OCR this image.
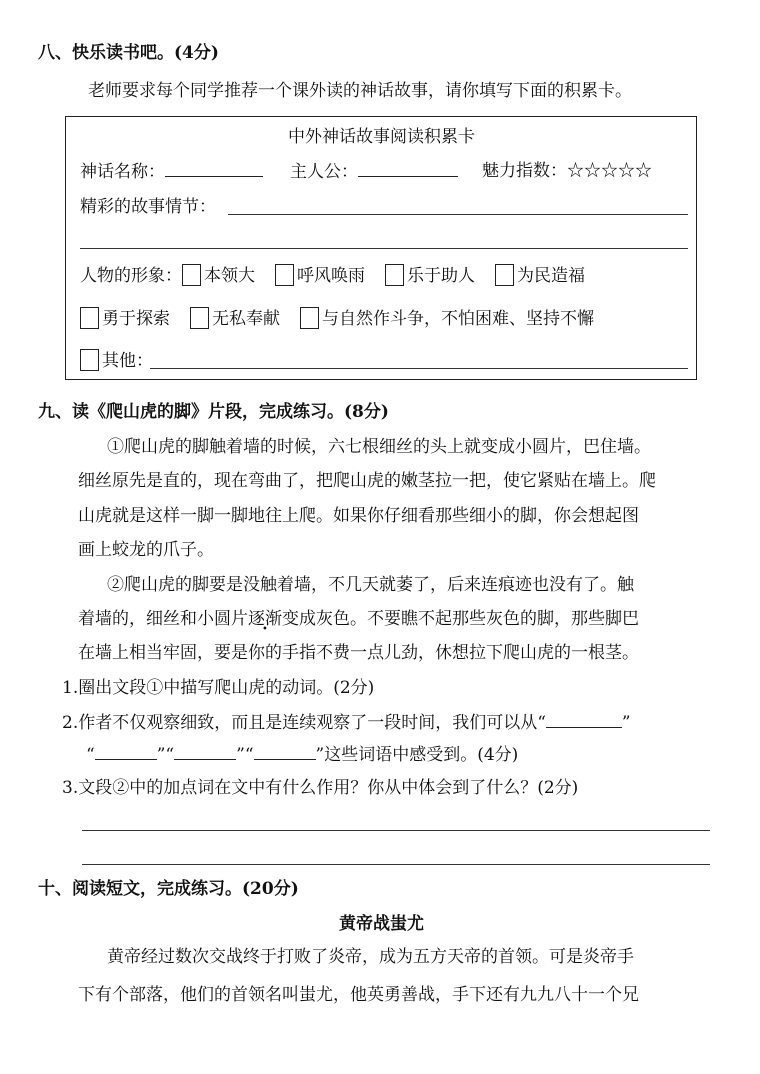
八、快乐读书吧。(4分)
老师要求每个同学推荐一个课外读的神话故事，请你填写下面的积累卡。
中外神话故事阅读积累卡
神话名称：	主人公：	魅力指数：☆☆☆☆☆
精彩的故事情节：
人物的形象： 本领大 呼风唤雨 乐于助人 为民造福
勇于探索 无私奉献 与自然作斗争，不怕困难、坚持不懈
其他：
九、读《爬山虎的脚》片段，完成练习。(8分)
①爬山虎的脚触着墙的时候，六七根细丝的头上就变成小圆片，巴住墙。
细丝原先是直的，现在弯曲了，把爬山虎的嫩茎拉一把，使它紧贴在墙上。爬
山虎就是这样一脚一脚地往上爬。如果你仔细看那些细小的脚，你会想起图
画上蛟龙的爪子。
②爬山虎的脚要是没触着墙，不几天就萎了，后来连痕迹也没有了。触
着墙的，细丝和小圆片逐渐变成灰色。不要瞧不起那些灰色的脚，那些脚巴
在墙上相当牢固，要是你的手指不费一点儿劲，休想拉下爬山虎的一根茎。
1.圈出文段①中描写爬山虎的动词。(2分)
2.作者不仅观察细致，而且是连续观察了一段时间，我们可以从“	”
“	”“	”“	”这些词语中感受到。(4分)
3.文段②中的加点词在文中有什么作用？你从中体会到了什么？(2分)
十、阅读短文，完成练习。(20分)
黄帝战蚩尤
黄帝经过数次交战终于打败了炎帝，成为五方天帝的首领。可是炎帝手
下有个部落，他们的首领名叫蚩尤，他英勇善战，手下还有九九八十一个兄
